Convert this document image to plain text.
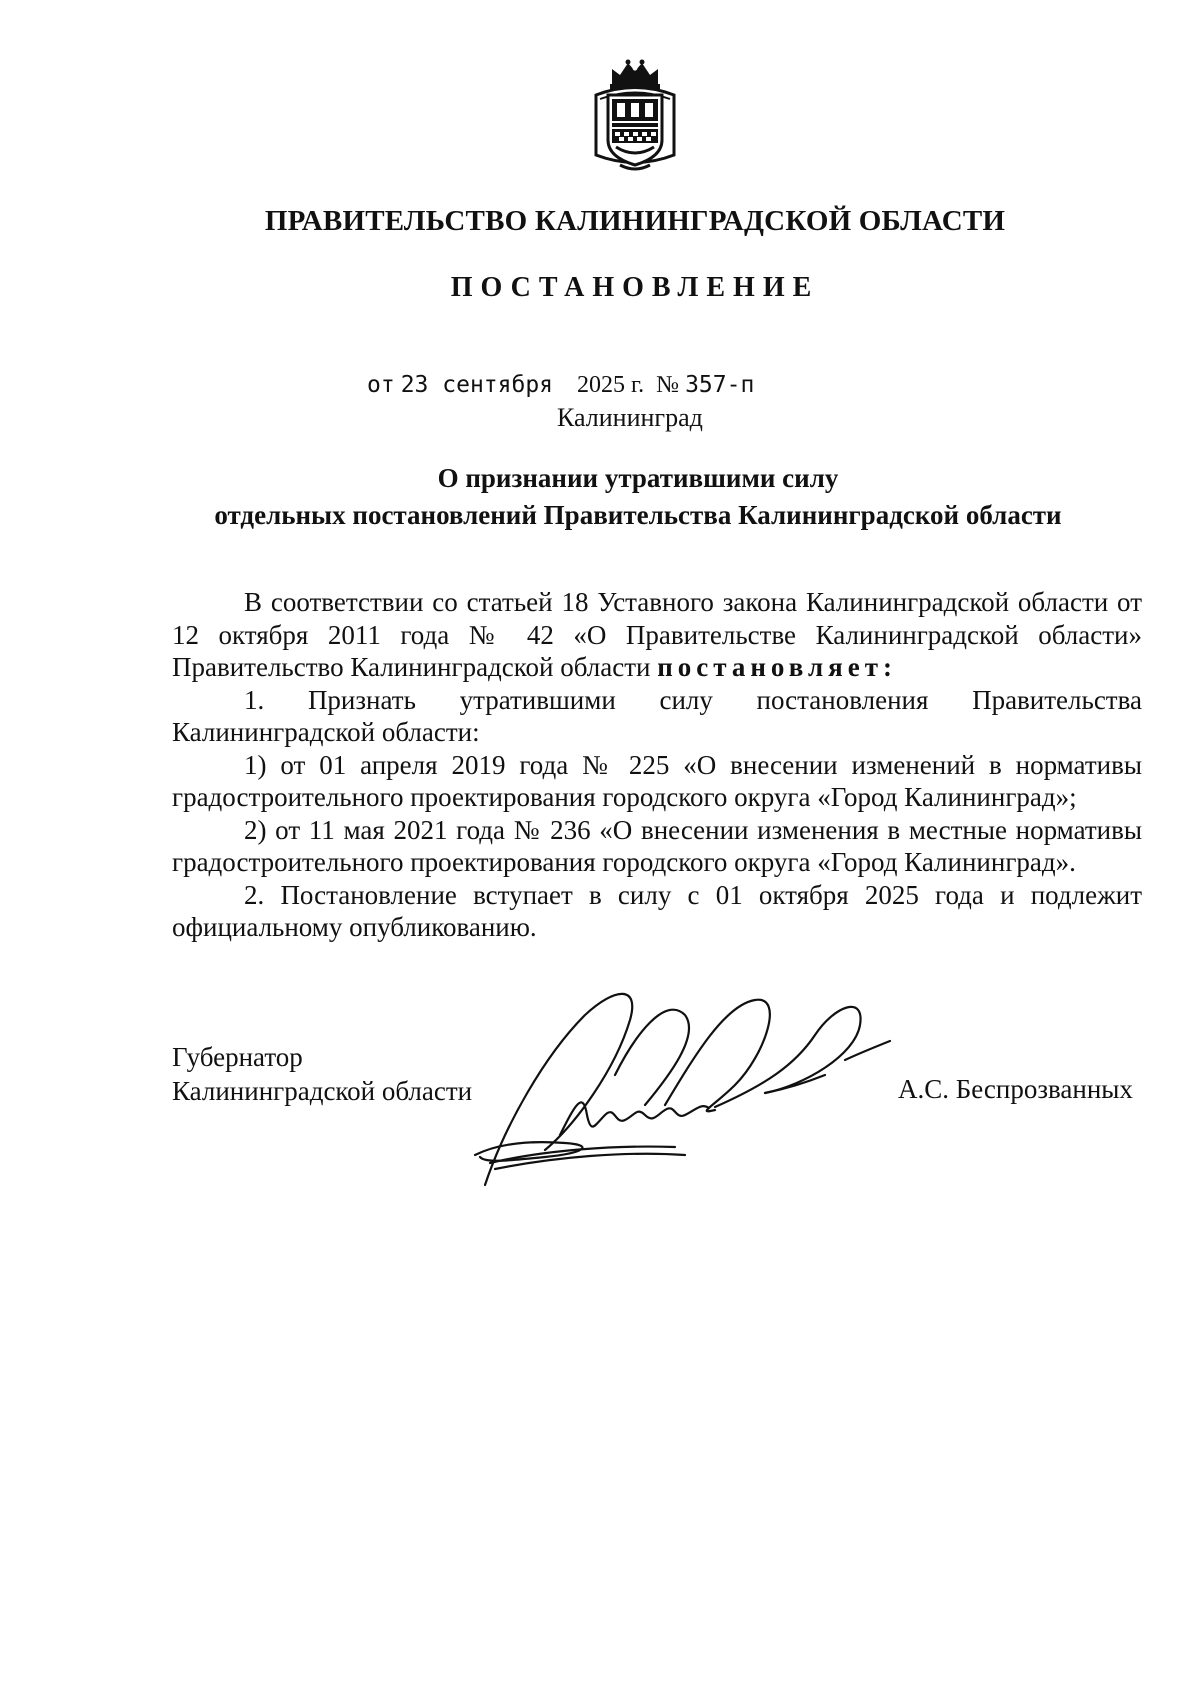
ПРАВИТЕЛЬСТВО КАЛИНИНГРАДСКОЙ ОБЛАСТИ
ПОСТАНОВЛЕНИЕ
от 23 сентября 2025 г. № 357-п
Калининград
О признании утратившими силу
отдельных постановлений Правительства Калининградской области

В соответствии со статьей 18 Уставного закона Калининградской области от 12 октября 2011 года № 42 «О Правительстве Калининградской области» Правительство Калининградской области постановляет:

1. Признать утратившими силу постановления Правительства Калининградской области:

1) от 01 апреля 2019 года № 225 «О внесении изменений в нормативы градостроительного проектирования городского округа «Город Калининград»;

2) от 11 мая 2021 года № 236 «О внесении изменения в местные нормативы градостроительного проектирования городского округа «Город Калининград».

2. Постановление вступает в силу с 01 октября 2025 года и подлежит официальному опубликованию.

Губернатор
Калининградской области	А.С. Беспрозванных
